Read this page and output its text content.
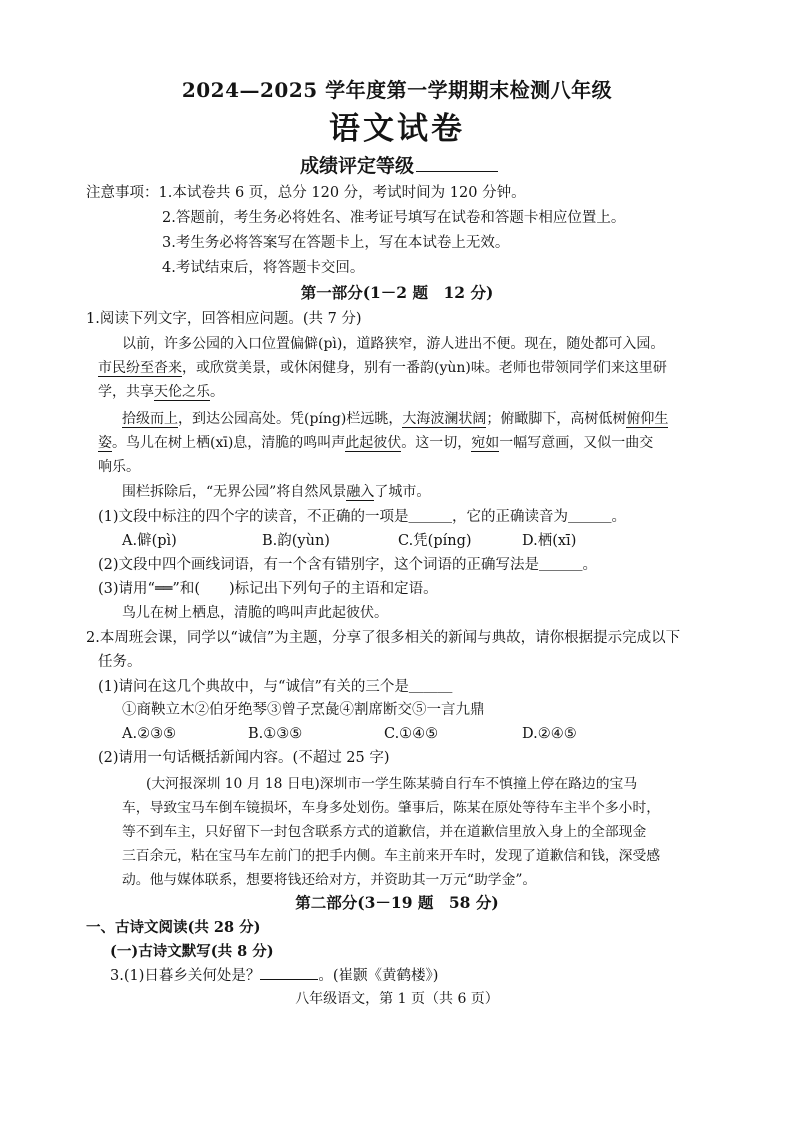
2024—2025 学年度第一学期期末检测八年级
语文试卷
成绩评定等级
注意事项：1.本试卷共 6 页，总分 120 分，考试时间为 120 分钟。
2.答题前，考生务必将姓名、准考证号填写在试卷和答题卡相应位置上。
3.考生务必将答案写在答题卡上，写在本试卷上无效。
4.考试结束后，将答题卡交回。
第一部分(1－2 题　12 分)
1.阅读下列文字，回答相应问题。(共 7 分)
以前，许多公园的入口位置偏僻(pì)，道路狭窄，游人进出不便。现在，随处都可入园。
市民纷至沓来，或欣赏美景，或休闲健身，别有一番韵(yùn)味。老师也带领同学们来这里研
学，共享天伦之乐。
拾级而上，到达公园高处。凭(píng)栏远眺，大海波澜状阔；俯瞰脚下，高树低树俯仰生
姿。鸟儿在树上栖(xī)息，清脆的鸣叫声此起彼伏。这一切，宛如一幅写意画，又似一曲交
响乐。
围栏拆除后，“无界公园”将自然风景融入了城市。
(1)文段中标注的四个字的读音，不正确的一项是＿＿＿，它的正确读音为＿＿＿。
A.僻(pì)	B.韵(yùn)	C.凭(píng)	D.栖(xī)
(2)文段中四个画线词语，有一个含有错别字，这个词语的正确写法是＿＿＿。
(3)请用“══”和(　　)标记出下列句子的主语和定语。
鸟儿在树上栖息，清脆的鸣叫声此起彼伏。
2.本周班会课，同学以“诚信”为主题，分享了很多相关的新闻与典故，请你根据提示完成以下
任务。
(1)请问在这几个典故中，与“诚信”有关的三个是＿＿＿
①商鞅立木②伯牙绝琴③曾子烹彘④割席断交⑤一言九鼎
A.②③⑤	B.①③⑤	C.①④⑤	D.②④⑤
(2)请用一句话概括新闻内容。(不超过 25 字)
(大河报深圳 10 月 18 日电)深圳市一学生陈某骑自行车不慎撞上停在路边的宝马
车，导致宝马车倒车镜损坏，车身多处划伤。肇事后，陈某在原处等待车主半个多小时，
等不到车主，只好留下一封包含联系方式的道歉信，并在道歉信里放入身上的全部现金
三百余元，粘在宝马车左前门的把手内侧。车主前来开车时，发现了道歉信和钱，深受感
动。他与媒体联系，想要将钱还给对方，并资助其一万元“助学金”。
第二部分(3－19 题　58 分)
一、古诗文阅读(共 28 分)
(一)古诗文默写(共 8 分)
3.(1)日暮乡关何处是？	。(崔颢《黄鹤楼》)
八年级语文，第 1 页（共 6 页）
